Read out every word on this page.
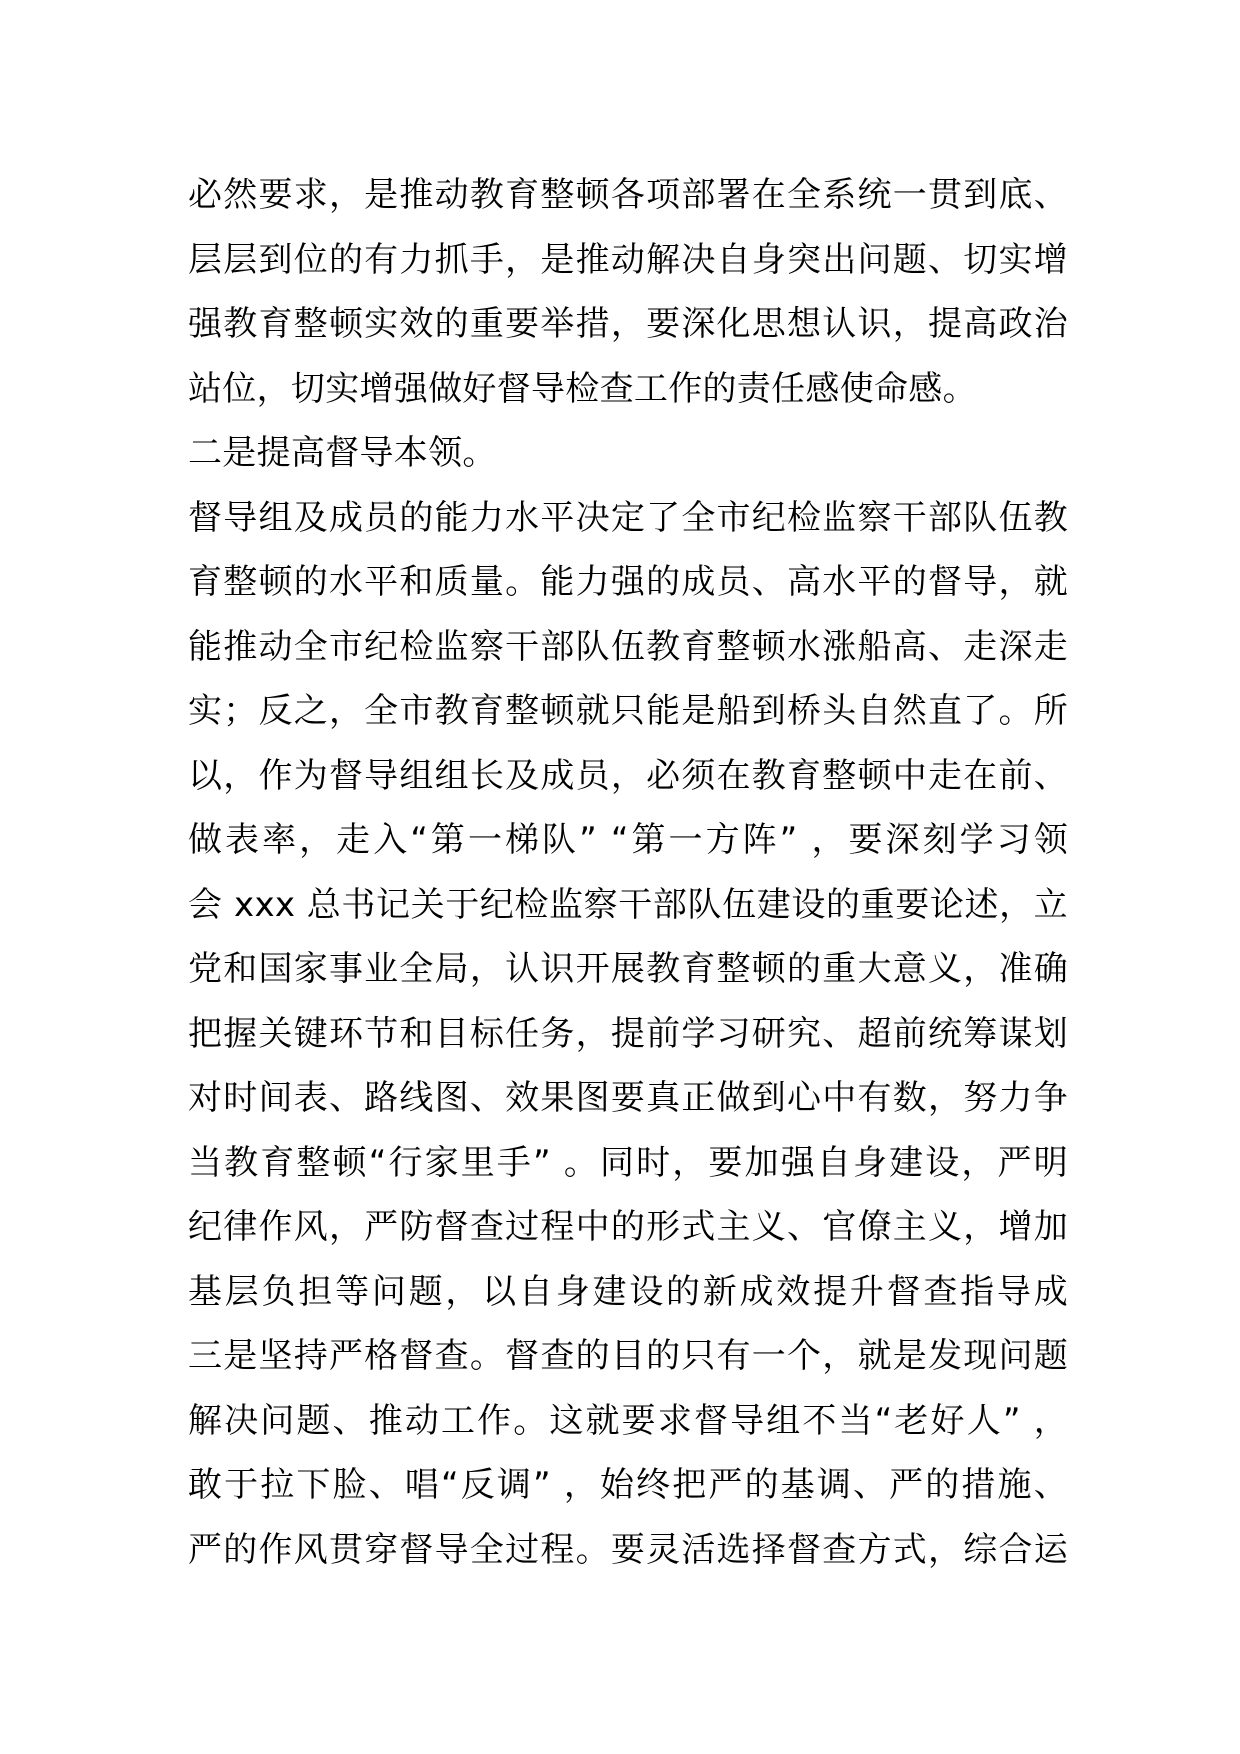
必然要求，是推动教育整顿各项部署在全系统一贯到底、
层层到位的有力抓手，是推动解决自身突出问题、切实增
强教育整顿实效的重要举措，要深化思想认识，提高政治
站位，切实增强做好督导检查工作的责任感使命感。
二是提高督导本领。
督导组及成员的能力水平决定了全市纪检监察干部队伍教
育整顿的水平和质量。能力强的成员、高水平的督导，就
能推动全市纪检监察干部队伍教育整顿水涨船高、走深走
实；反之，全市教育整顿就只能是船到桥头自然直了。所
以，作为督导组组长及成员，必须在教育整顿中走在前、
做表率，走入“第一梯队” “第一方阵” ，要深刻学习领
会 xxx 总书记关于纪检监察干部队伍建设的重要论述，立
党和国家事业全局，认识开展教育整顿的重大意义，准确
把握关键环节和目标任务，提前学习研究、超前统筹谋划
对时间表、路线图、效果图要真正做到心中有数，努力争
当教育整顿“行家里手” 。同时，要加强自身建设，严明
纪律作风，严防督查过程中的形式主义、官僚主义，增加
基层负担等问题，以自身建设的新成效提升督查指导成
三是坚持严格督查。督查的目的只有一个，就是发现问题
解决问题、推动工作。这就要求督导组不当“老好人” ，
敢于拉下脸、唱“反调” ，始终把严的基调、严的措施、
严的作风贯穿督导全过程。要灵活选择督查方式，综合运
